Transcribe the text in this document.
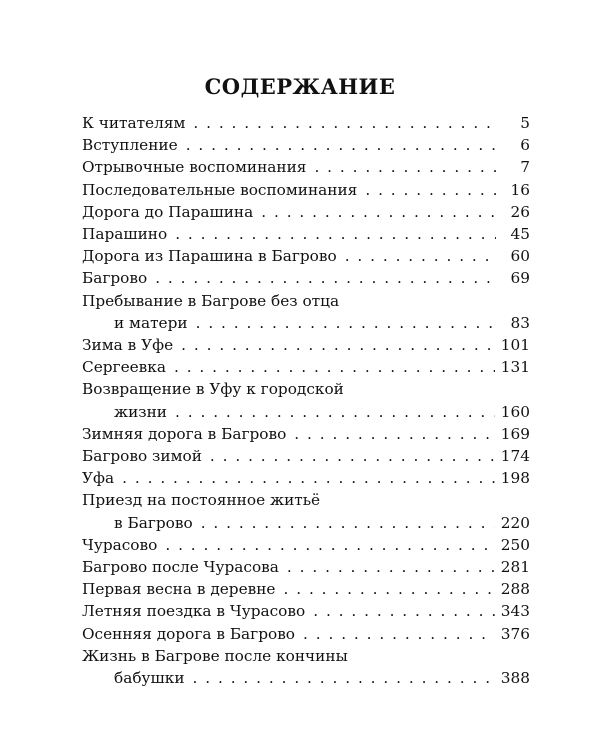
СОДЕРЖАНИЕ
К читателям . . .	5
Вступление . . .	6
Отрывочные воспоминания . . .	7
Последовательные воспоминания . . .	16
Дорога до Парашина . . .	26
Парашино . . .	45
Дорога из Парашина в Багрово . . .	60
Багрово . . .	69
Пребывание в Багрове без отца
и матери . . .	83
Зима в Уфе . . .	101
Сергеевка . . .	131
Возвращение в Уфу к городской
жизни . . .	160
Зимняя дорога в Багрово . . .	169
Багрово зимой . . .	174
Уфа . . .	198
Приезд на постоянное житьё
в Багрово . . .	220
Чурасово . . .	250
Багрово после Чурасова . . .	281
Первая весна в деревне . . .	288
Летняя поездка в Чурасово . . .	343
Осенняя дорога в Багрово . . .	376
Жизнь в Багрове после кончины
бабушки . . .	388
